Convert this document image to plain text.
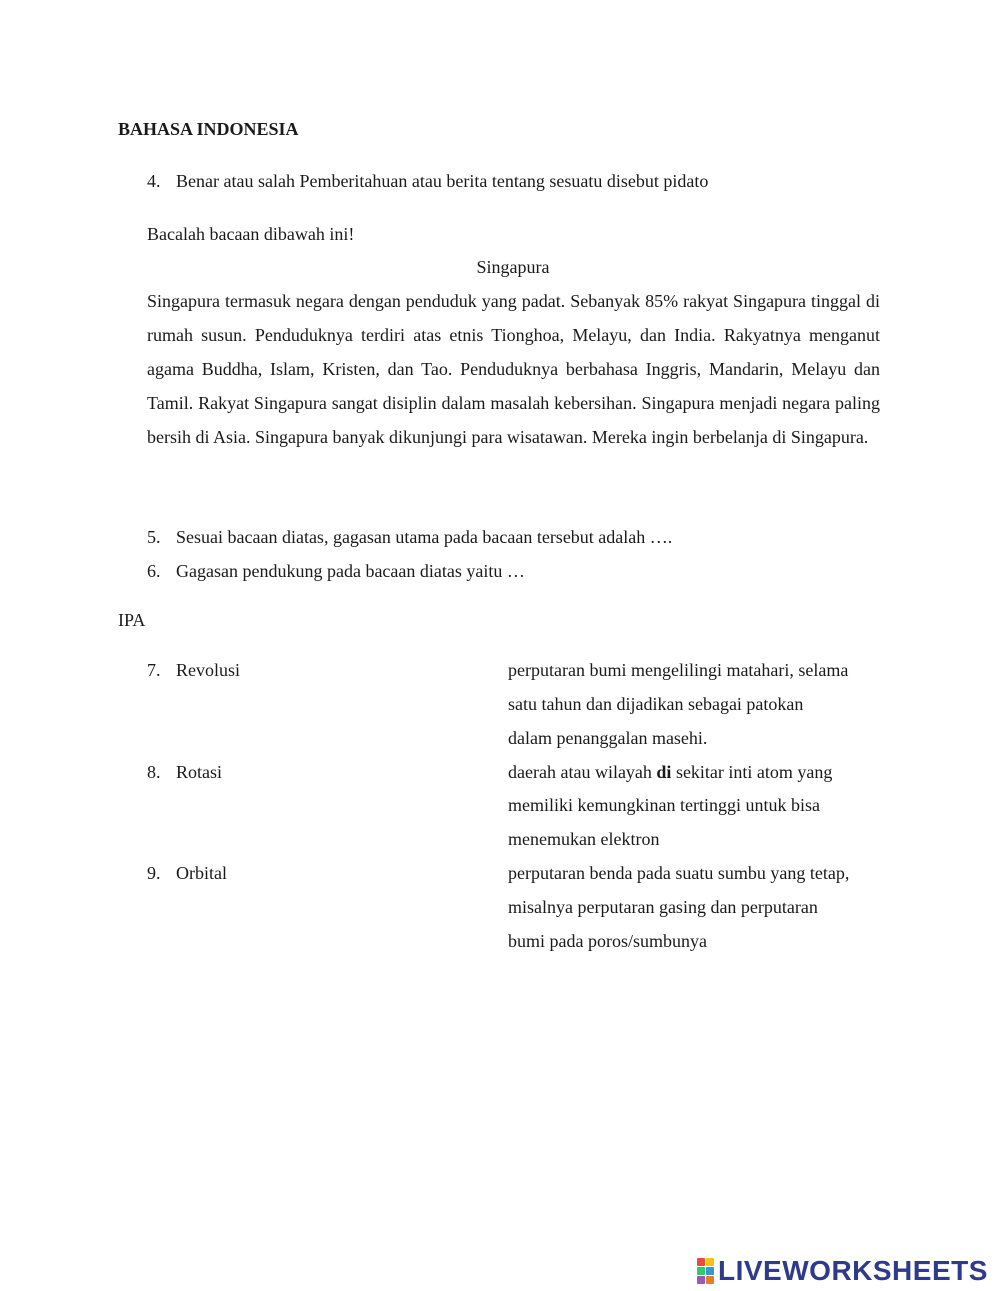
BAHASA INDONESIA
4. Benar atau salah Pemberitahuan atau berita tentang sesuatu disebut pidato
Bacalah bacaan dibawah ini!
Singapura
Singapura termasuk negara dengan penduduk yang padat. Sebanyak 85% rakyat Singapura tinggal di rumah susun. Penduduknya terdiri atas etnis Tionghoa, Melayu, dan India. Rakyatnya menganut agama Buddha, Islam, Kristen, dan Tao. Penduduknya berbahasa Inggris, Mandarin, Melayu dan Tamil. Rakyat Singapura sangat disiplin dalam masalah kebersihan. Singapura menjadi negara paling bersih di Asia. Singapura banyak dikunjungi para wisatawan. Mereka ingin berbelanja di Singapura.
5. Sesuai bacaan diatas, gagasan utama pada bacaan tersebut adalah ….
6. Gagasan pendukung pada bacaan diatas yaitu …
IPA
7. Revolusi	perputaran bumi mengelilingi matahari, selama
satu tahun dan dijadikan sebagai patokan
dalam penanggalan masehi.
8. Rotasi	daerah atau wilayah di sekitar inti atom yang
memiliki kemungkinan tertinggi untuk bisa
menemukan elektron
9. Orbital	perputaran benda pada suatu sumbu yang tetap,
misalnya perputaran gasing dan perputaran
bumi pada poros/sumbunya
LIVEWORKSHEETS
